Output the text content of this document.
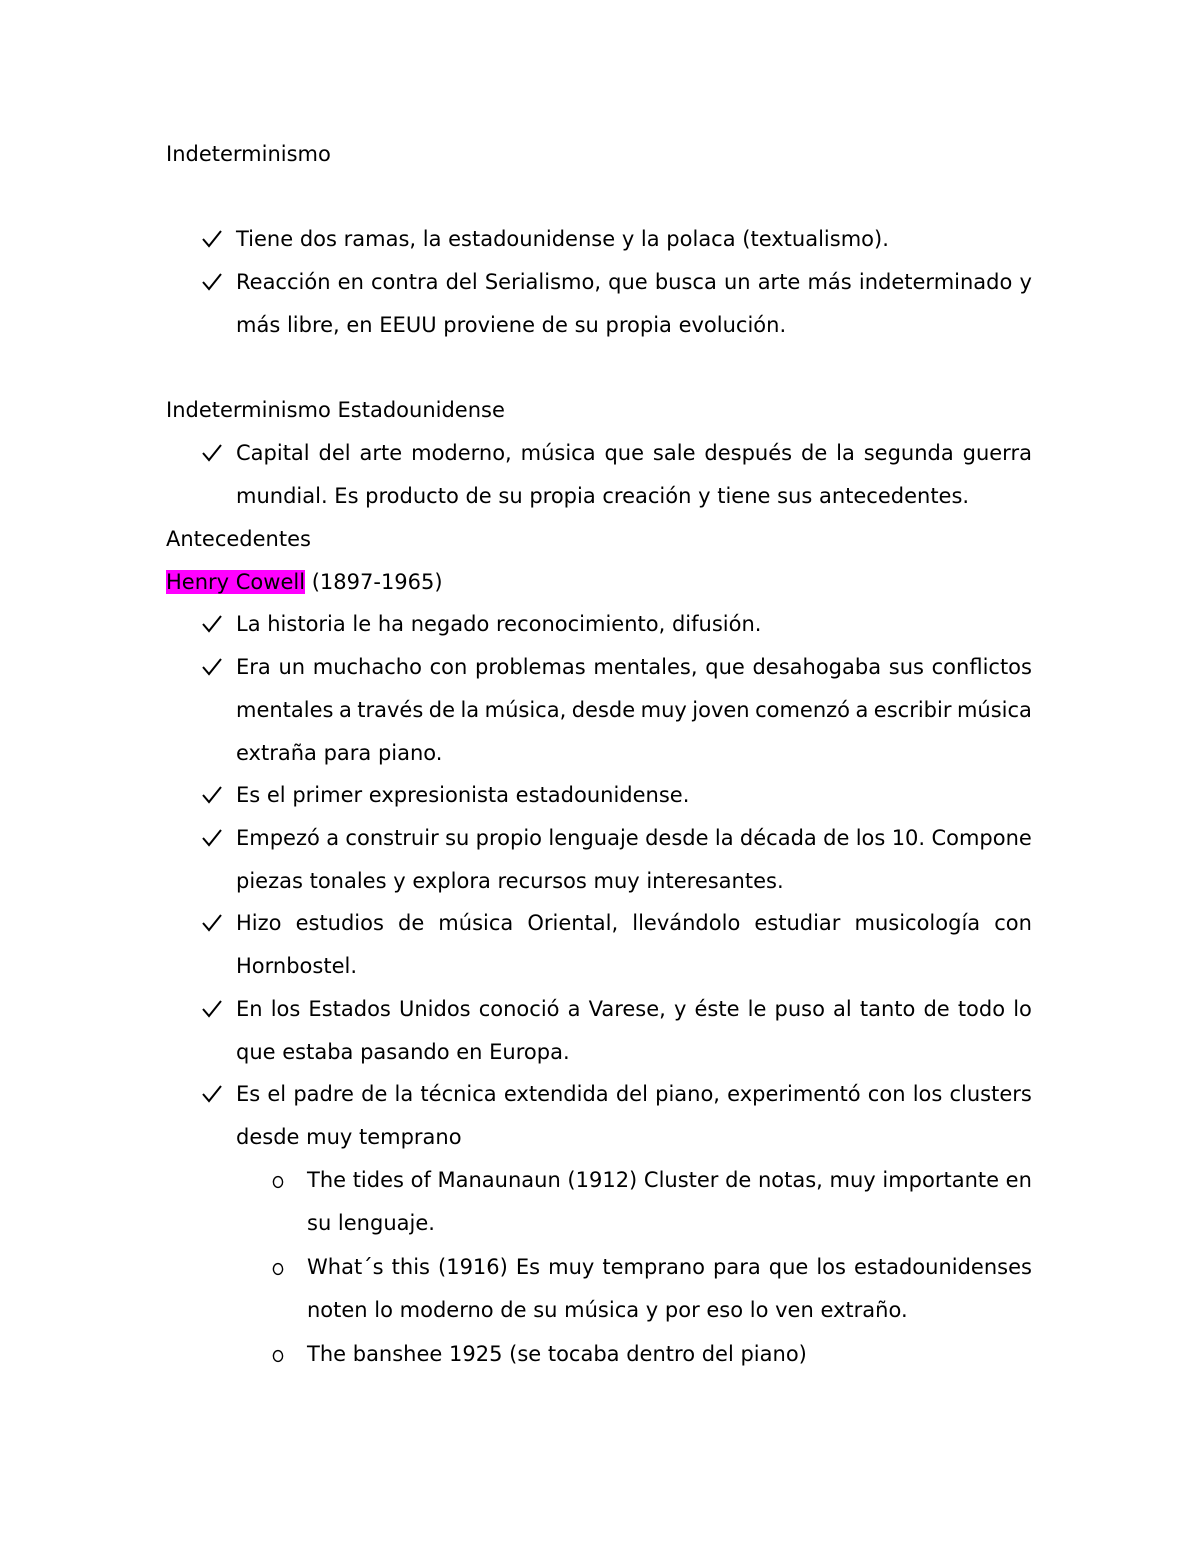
Indeterminismo
Tiene dos ramas, la estadounidense y la polaca (textualismo).
Reacción en contra del Serialismo, que busca un arte más indeterminado y
más libre, en EEUU proviene de su propia evolución.
Indeterminismo Estadounidense
Capital del arte moderno, música que sale después de la segunda guerra
mundial. Es producto de su propia creación y tiene sus antecedentes.
Antecedentes
Henry Cowell (1897-1965)
La historia le ha negado reconocimiento, difusión.
Era un muchacho con problemas mentales, que desahogaba sus conflictos
mentales a través de la música, desde muy joven comenzó a escribir música
extraña para piano.
Es el primer expresionista estadounidense.
Empezó a construir su propio lenguaje desde la década de los 10. Compone
piezas tonales y explora recursos muy interesantes.
Hizo estudios de música Oriental, llevándolo estudiar musicología con
Hornbostel.
En los Estados Unidos conoció a Varese, y éste le puso al tanto de todo lo
que estaba pasando en Europa.
Es el padre de la técnica extendida del piano, experimentó con los clusters
desde muy temprano
The tides of Manaunaun (1912) Cluster de notas, muy importante en
su lenguaje.
What´s this (1916) Es muy temprano para que los estadounidenses
noten lo moderno de su música y por eso lo ven extraño.
The banshee 1925 (se tocaba dentro del piano)
